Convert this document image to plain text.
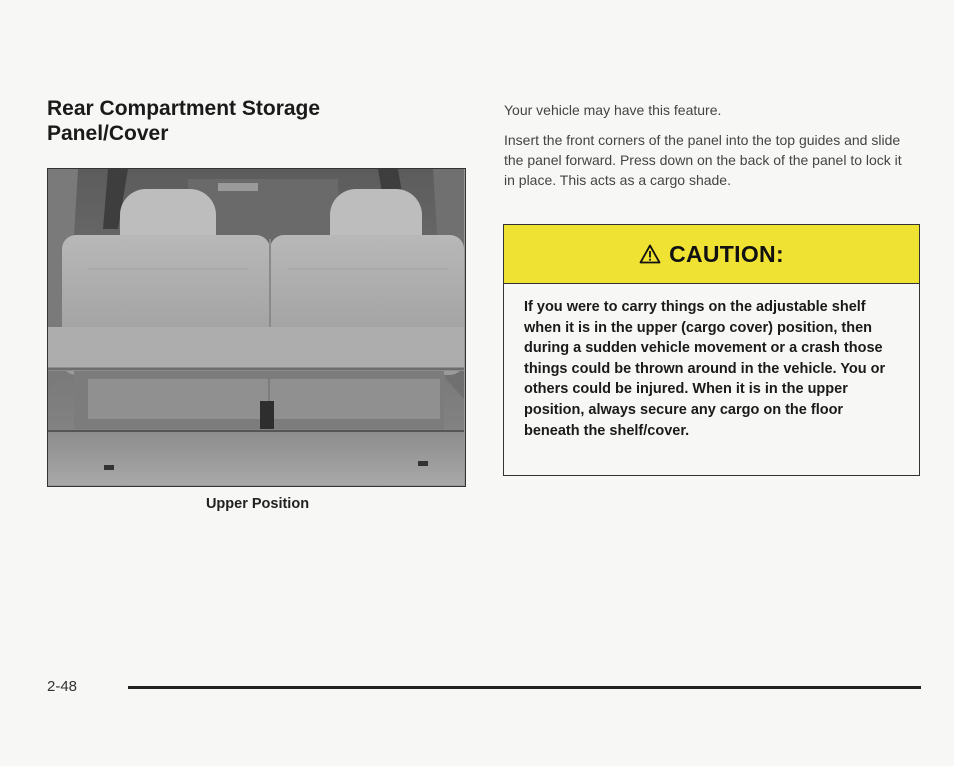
Rear Compartment Storage
Panel/Cover
Upper Position

Your vehicle may have this feature.

Insert the front corners of the panel into the top guides and slide the panel forward. Press down on the back of the panel to lock it in place. This acts as a cargo shade.

CAUTION:

If you were to carry things on the adjustable shelf when it is in the upper (cargo cover) position, then during a sudden vehicle movement or a crash those things could be thrown around in the vehicle. You or others could be injured. When it is in the upper position, always secure any cargo on the floor beneath the shelf/cover.

2-48
